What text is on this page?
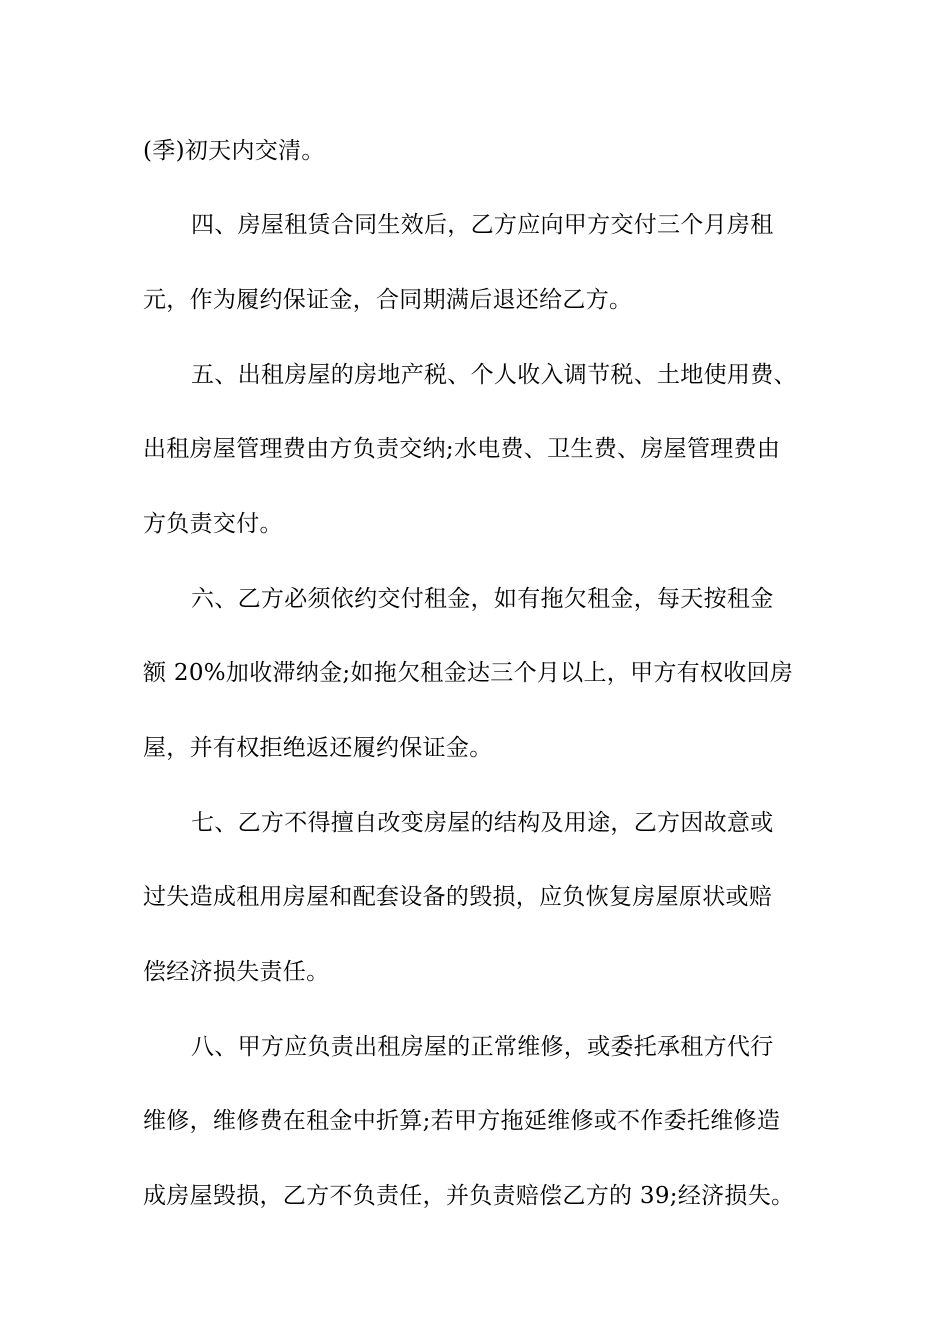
(季)初天内交清。
四、房屋租赁合同生效后，乙方应向甲方交付三个月房租
元，作为履约保证金，合同期满后退还给乙方。
五、出租房屋的房地产税、个人收入调节税、土地使用费、
出租房屋管理费由方负责交纳;水电费、卫生费、房屋管理费由
方负责交付。
六、乙方必须依约交付租金，如有拖欠租金，每天按租金
额 20%加收滞纳金;如拖欠租金达三个月以上，甲方有权收回房
屋，并有权拒绝返还履约保证金。
七、乙方不得擅自改变房屋的结构及用途，乙方因故意或
过失造成租用房屋和配套设备的毁损，应负恢复房屋原状或赔
偿经济损失责任。
八、甲方应负责出租房屋的正常维修，或委托承租方代行
维修，维修费在租金中折算;若甲方拖延维修或不作委托维修造
成房屋毁损，乙方不负责任，并负责赔偿乙方的 39;经济损失。
